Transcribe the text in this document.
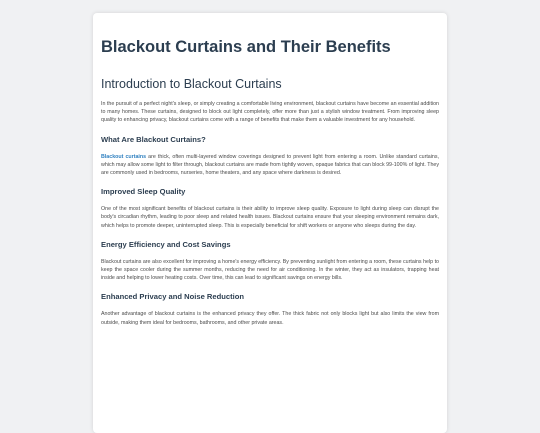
Blackout Curtains and Their Benefits
Introduction to Blackout Curtains

In the pursuit of a perfect night's sleep, or simply creating a comfortable living environment, blackout curtains have become an essential addition to many homes. These curtains, designed to block out light completely, offer more than just a stylish window treatment. From improving sleep quality to enhancing privacy, blackout curtains come with a range of benefits that make them a valuable investment for any household.

What Are Blackout Curtains?

Blackout curtains are thick, often multi-layered window coverings designed to prevent light from entering a room. Unlike standard curtains, which may allow some light to filter through, blackout curtains are made from tightly woven, opaque fabrics that can block 99-100% of light. They are commonly used in bedrooms, nurseries, home theaters, and any space where darkness is desired.

Improved Sleep Quality

One of the most significant benefits of blackout curtains is their ability to improve sleep quality. Exposure to light during sleep can disrupt the body's circadian rhythm, leading to poor sleep and related health issues. Blackout curtains ensure that your sleeping environment remains dark, which helps to promote deeper, uninterrupted sleep. This is especially beneficial for shift workers or anyone who sleeps during the day.

Energy Efficiency and Cost Savings

Blackout curtains are also excellent for improving a home's energy efficiency. By preventing sunlight from entering a room, these curtains help to keep the space cooler during the summer months, reducing the need for air conditioning. In the winter, they act as insulators, trapping heat inside and helping to lower heating costs. Over time, this can lead to significant savings on energy bills.

Enhanced Privacy and Noise Reduction

Another advantage of blackout curtains is the enhanced privacy they offer. The thick fabric not only blocks light but also limits the view from outside, making them ideal for bedrooms, bathrooms, and other private areas.
